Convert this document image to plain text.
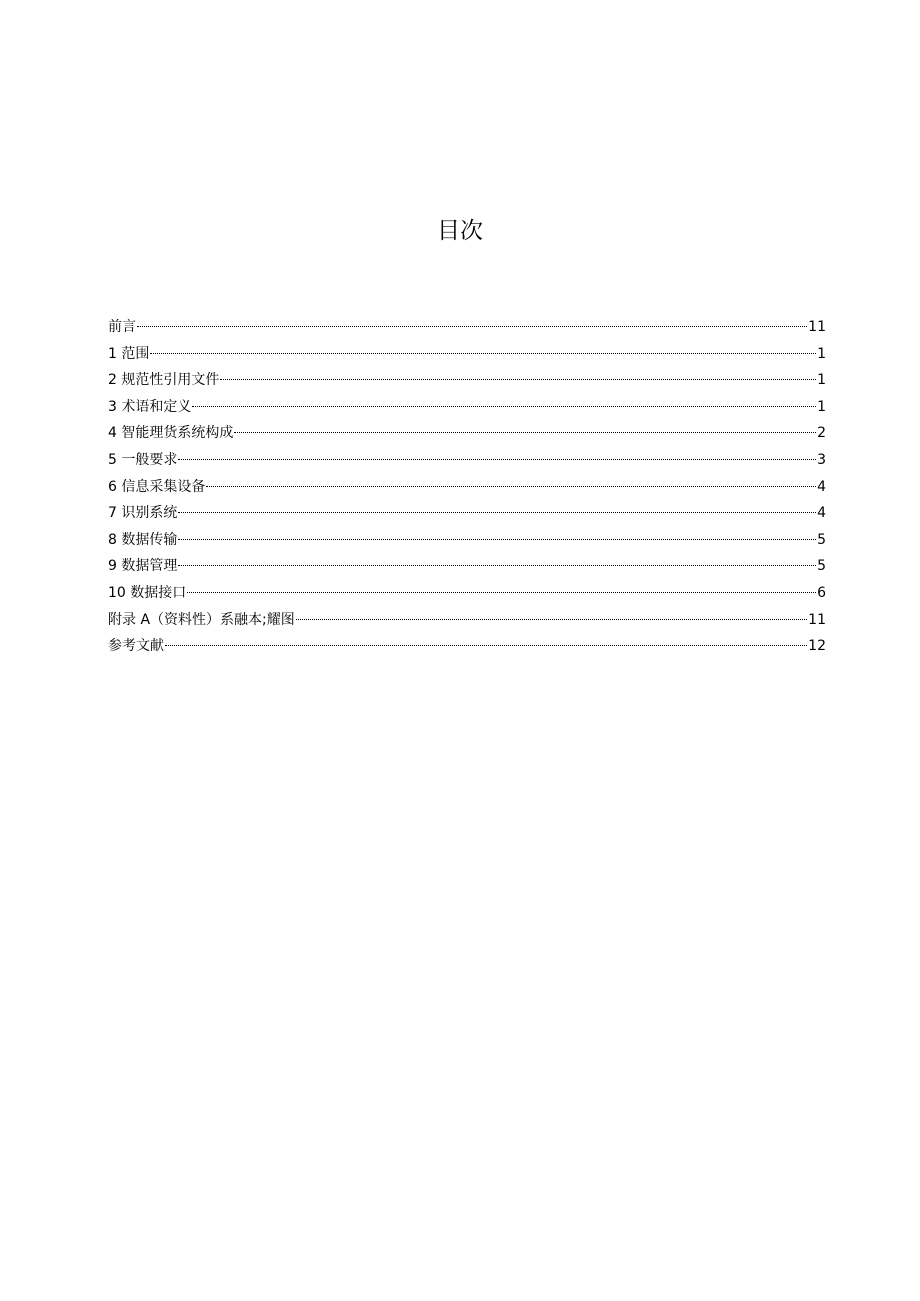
目次
前言	11
1 范围	1
2 规范性引用文件	1
3 术语和定义	1
4 智能理货系统构成	2
5 一般要求	3
6 信息采集设备	4
7 识别系统	4
8 数据传输	5
9 数据管理	5
10 数据接口	6
附录 A（资料性）系融本;耀图	11
参考文献	12
